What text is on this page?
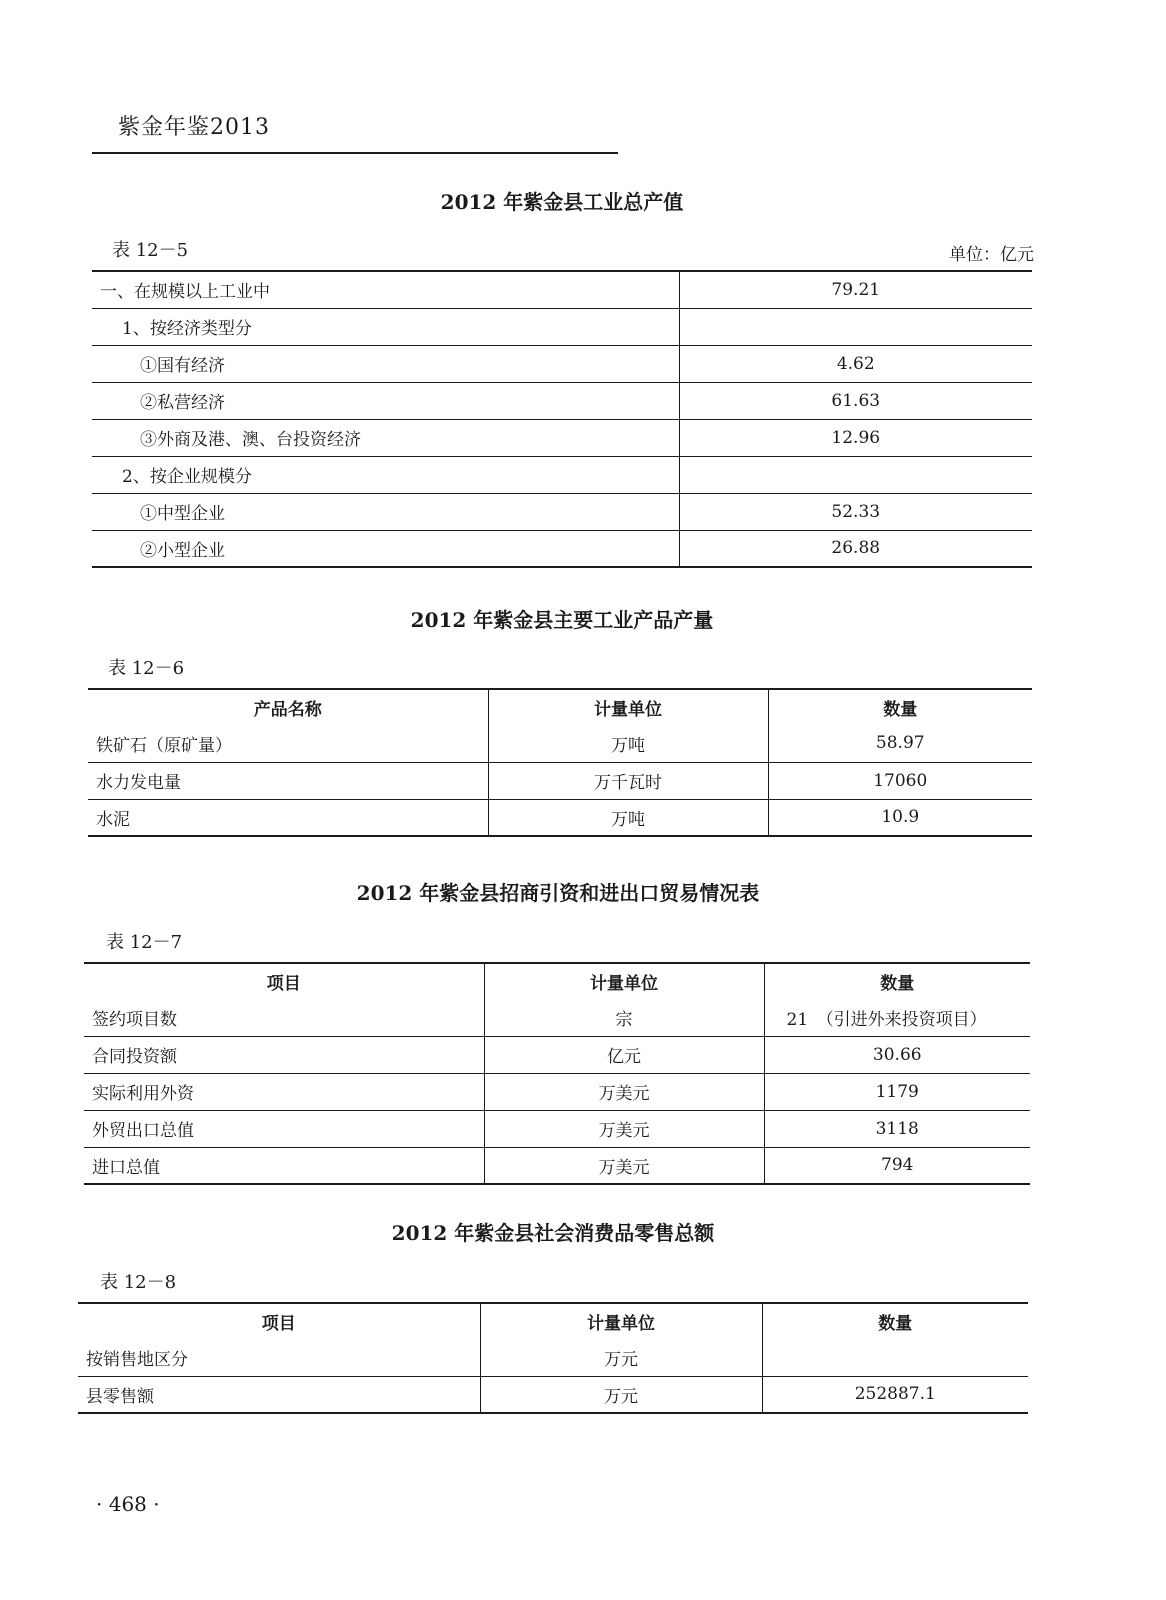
紫金年鉴2013
2012 年紫金县工业总产值
表 12－5	单位：亿元
一、在规模以上工业中	79.21
1、按经济类型分	
①国有经济	4.62
②私营经济	61.63
③外商及港、澳、台投资经济	12.96
2、按企业规模分	
①中型企业	52.33
②小型企业	26.88
2012 年紫金县主要工业产品产量
表 12－6
产品名称	计量单位	数量
铁矿石（原矿量）	万吨	58.97
水力发电量	万千瓦时	17060
水泥	万吨	10.9
2012 年紫金县招商引资和进出口贸易情况表
表 12－7
项目	计量单位	数量
签约项目数	宗	21　（引进外来投资项目）
合同投资额	亿元	30.66
实际利用外资	万美元	1179
外贸出口总值	万美元	3118
进口总值	万美元	794
2012 年紫金县社会消费品零售总额
表 12－8
项目	计量单位	数量
按销售地区分	万元	
县零售额	万元	252887.1
· 468 ·
